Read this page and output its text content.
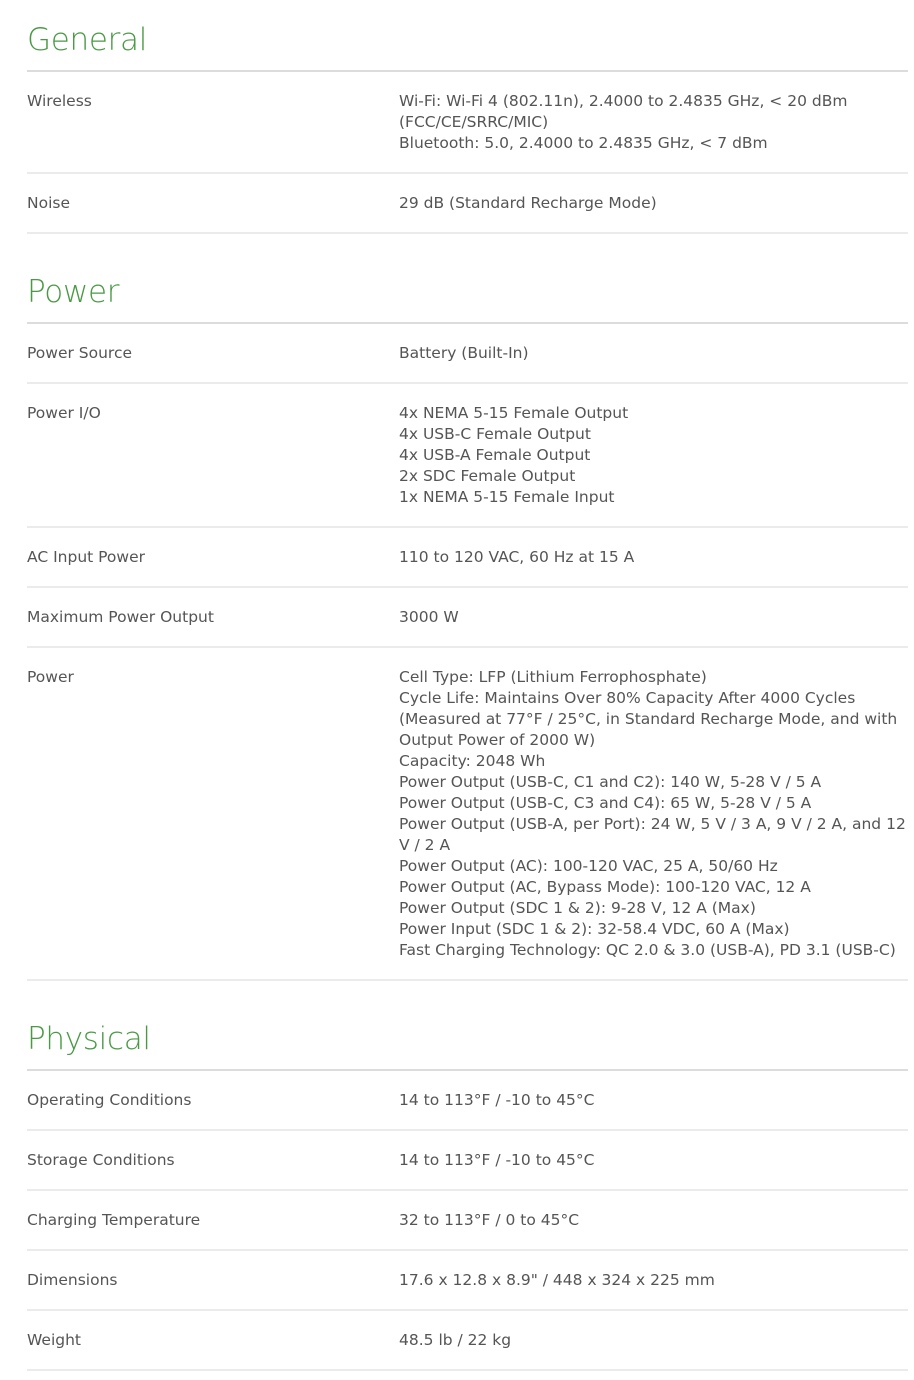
General
Wireless	Wi-Fi: Wi-Fi 4 (802.11n), 2.4000 to 2.4835 GHz, < 20 dBm (FCC/CE/SRRC/MIC)
Bluetooth: 5.0, 2.4000 to 2.4835 GHz, < 7 dBm
Noise	29 dB (Standard Recharge Mode)
Power
Power Source	Battery (Built-In)
Power I/O	4x NEMA 5-15 Female Output
4x USB-C Female Output
4x USB-A Female Output
2x SDC Female Output
1x NEMA 5-15 Female Input
AC Input Power	110 to 120 VAC, 60 Hz at 15 A
Maximum Power Output	3000 W
Power	Cell Type: LFP (Lithium Ferrophosphate)
Cycle Life: Maintains Over 80% Capacity After 4000 Cycles (Measured at 77°F / 25°C, in Standard Recharge Mode, and with Output Power of 2000 W)
Capacity: 2048 Wh
Power Output (USB-C, C1 and C2): 140 W, 5-28 V / 5 A
Power Output (USB-C, C3 and C4): 65 W, 5-28 V / 5 A
Power Output (USB-A, per Port): 24 W, 5 V / 3 A, 9 V / 2 A, and 12 V / 2 A
Power Output (AC): 100-120 VAC, 25 A, 50/60 Hz
Power Output (AC, Bypass Mode): 100-120 VAC, 12 A
Power Output (SDC 1 & 2): 9-28 V, 12 A (Max)
Power Input (SDC 1 & 2): 32-58.4 VDC, 60 A (Max)
Fast Charging Technology: QC 2.0 & 3.0 (USB-A), PD 3.1 (USB-C)
Physical
Operating Conditions	14 to 113°F / -10 to 45°C
Storage Conditions	14 to 113°F / -10 to 45°C
Charging Temperature	32 to 113°F / 0 to 45°C
Dimensions	17.6 x 12.8 x 8.9" / 448 x 324 x 225 mm
Weight	48.5 lb / 22 kg
